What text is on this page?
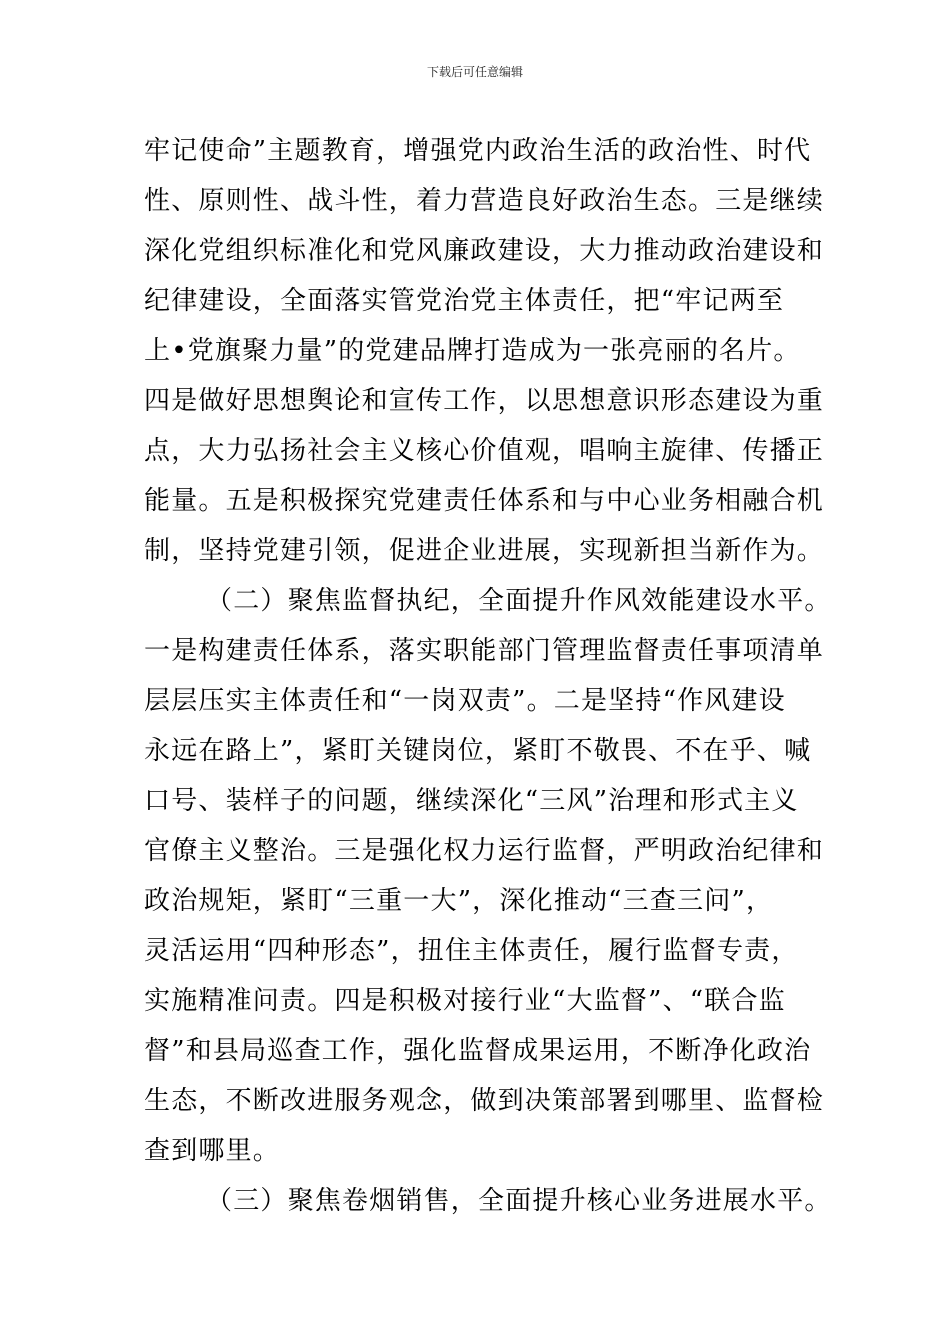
下载后可任意编辑
牢记使命”主题教育，增强党内政治生活的政治性、时代
性、原则性、战斗性，着力营造良好政治生态。三是继续
深化党组织标准化和党风廉政建设，大力推动政治建设和
纪律建设，全面落实管党治党主体责任，把“牢记两至
上•党旗聚力量”的党建品牌打造成为一张亮丽的名片。
四是做好思想舆论和宣传工作，以思想意识形态建设为重
点，大力弘扬社会主义核心价值观，唱响主旋律、传播正
能量。五是积极探究党建责任体系和与中心业务相融合机
制，坚持党建引领，促进企业进展，实现新担当新作为。
（二）聚焦监督执纪，全面提升作风效能建设水平。
一是构建责任体系，落实职能部门管理监督责任事项清单
层层压实主体责任和“一岗双责”。二是坚持“作风建设
永远在路上”，紧盯关键岗位，紧盯不敬畏、不在乎、喊
口号、装样子的问题，继续深化“三风”治理和形式主义
官僚主义整治。三是强化权力运行监督，严明政治纪律和
政治规矩，紧盯“三重一大”，深化推动“三查三问”，
灵活运用“四种形态”，扭住主体责任，履行监督专责，
实施精准问责。四是积极对接行业“大监督”、“联合监
督”和县局巡查工作，强化监督成果运用，不断净化政治
生态，不断改进服务观念，做到决策部署到哪里、监督检
查到哪里。
（三）聚焦卷烟销售，全面提升核心业务进展水平。
